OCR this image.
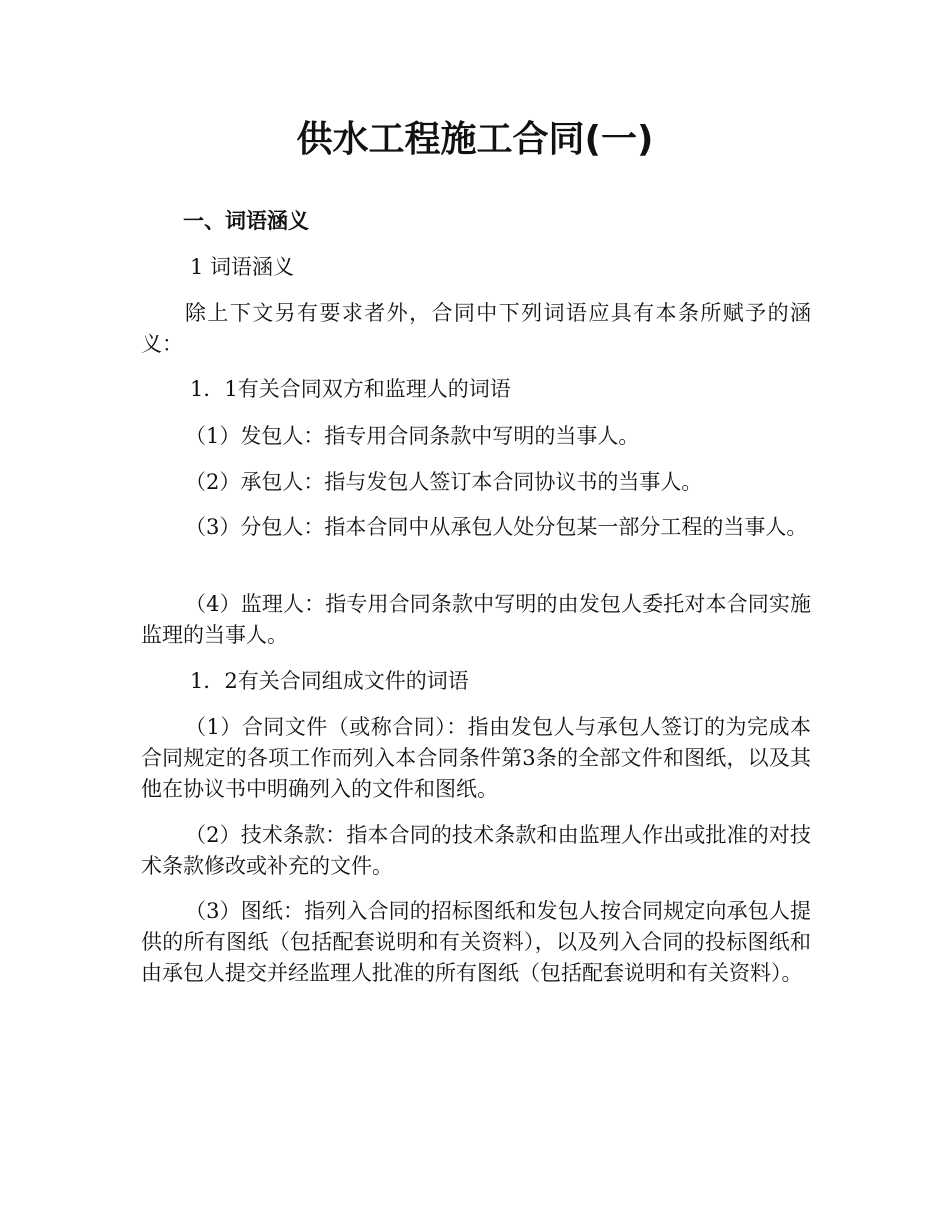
供水工程施工合同(一)
一、词语涵义

1 词语涵义

除上下文另有要求者外，合同中下列词语应具有本条所赋予的涵义：

1．1有关合同双方和监理人的词语

（1）发包人：指专用合同条款中写明的当事人。

（2）承包人：指与发包人签订本合同协议书的当事人。

（3）分包人：指本合同中从承包人处分包某一部分工程的当事人。

（4）监理人：指专用合同条款中写明的由发包人委托对本合同实施监理的当事人。

1．2有关合同组成文件的词语

（1）合同文件（或称合同）：指由发包人与承包人签订的为完成本合同规定的各项工作而列入本合同条件第3条的全部文件和图纸，以及其他在协议书中明确列入的文件和图纸。

（2）技术条款：指本合同的技术条款和由监理人作出或批准的对技术条款修改或补充的文件。

（3）图纸：指列入合同的招标图纸和发包人按合同规定向承包人提供的所有图纸（包括配套说明和有关资料），以及列入合同的投标图纸和由承包人提交并经监理人批准的所有图纸（包括配套说明和有关资料）。
